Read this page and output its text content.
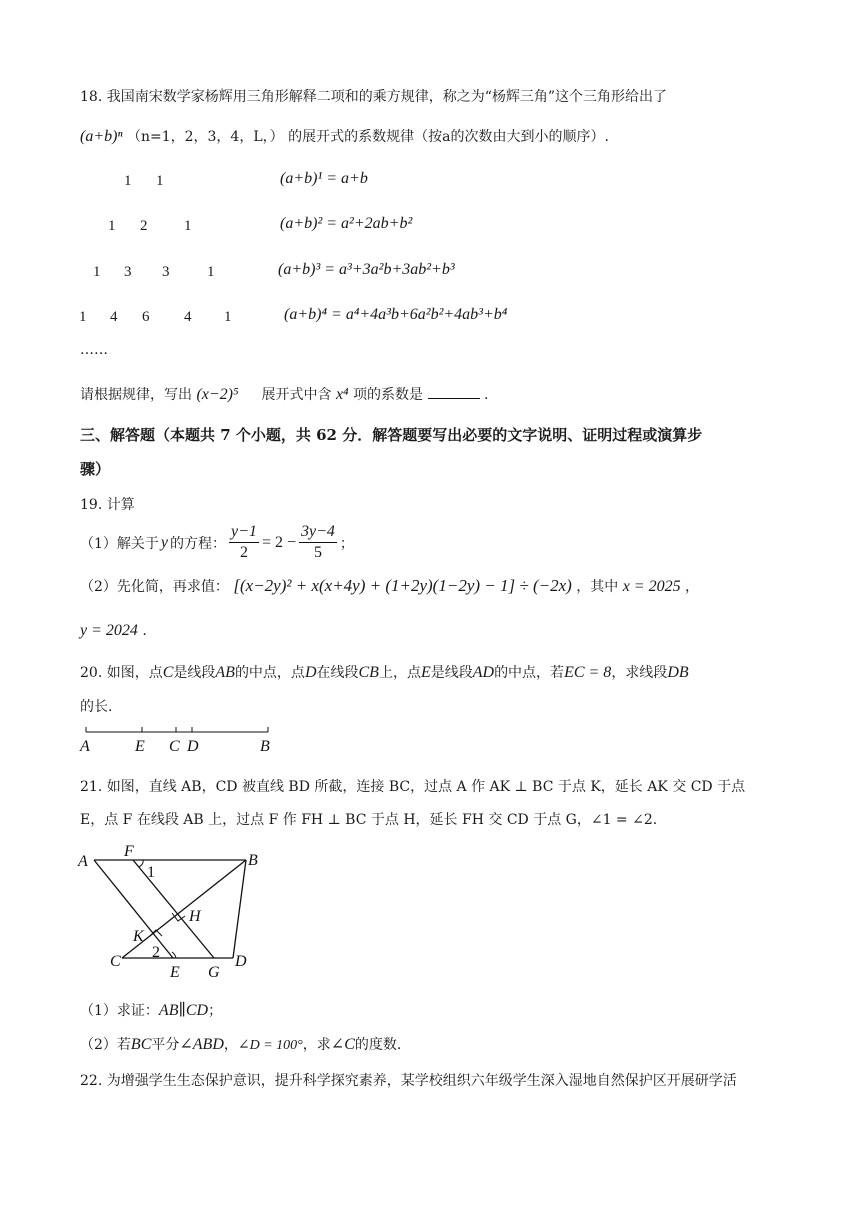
18. 我国南宋数学家杨辉用三角形解释二项和的乘方规律，称之为“杨辉三角”这个三角形给出了
(a+b)ⁿ （n=1，2，3，4，L，） 的展开式的系数规律（按a的次数由大到小的顺序）.
1 1
1 2 1
1 3 3	1
1 4 6 4 1
(a+b)¹ = a+b
(a+b)² = a²+2ab+b²
(a+b)³ = a³+3a²b+3ab²+b³
(a+b)⁴ = a⁴+4a³b+6a²b²+4ab³+b⁴
……
请根据规律，写出 (x−2)⁵ 展开式中含 x⁴ 项的系数是	.
三、解答题（本题共 7 个小题，共 62 分．解答题要写出必要的文字说明、证明过程或演算步
骤）
19. 计算
（1）解关于 y 的方程： $\frac{y-1}{2} = 2 - \frac{3y-4}{5}$ ；
（2）先化简，再求值： [(x−2y)² + x(x+4y) + (1+2y)(1−2y) − 1] ÷ (−2x) ，其中 x = 2025 ，
y = 2024 .
20. 如图，点C是线段AB的中点，点D在线段CB上，点E是线段AD的中点，若EC = 8，求线段DB
的长.
A	E C D	B
21. 如图，直线 AB，CD 被直线 BD 所截，连接 BC，过点 A 作 AK ⊥ BC 于点 K，延长 AK 交 CD 于点
E，点 F 在线段 AB 上，过点 F 作 FH ⊥ BC 于点 H，延长 FH 交 CD 于点 G，∠1 = ∠2.
A
F
B
1
H
K
C
2
E G
D
（1）求证：AB∥CD；
（2）若BC平分∠ABD，∠D = 100°，求∠C的度数.
22. 为增强学生生态保护意识，提升科学探究素养，某学校组织六年级学生深入湿地自然保护区开展研学活
